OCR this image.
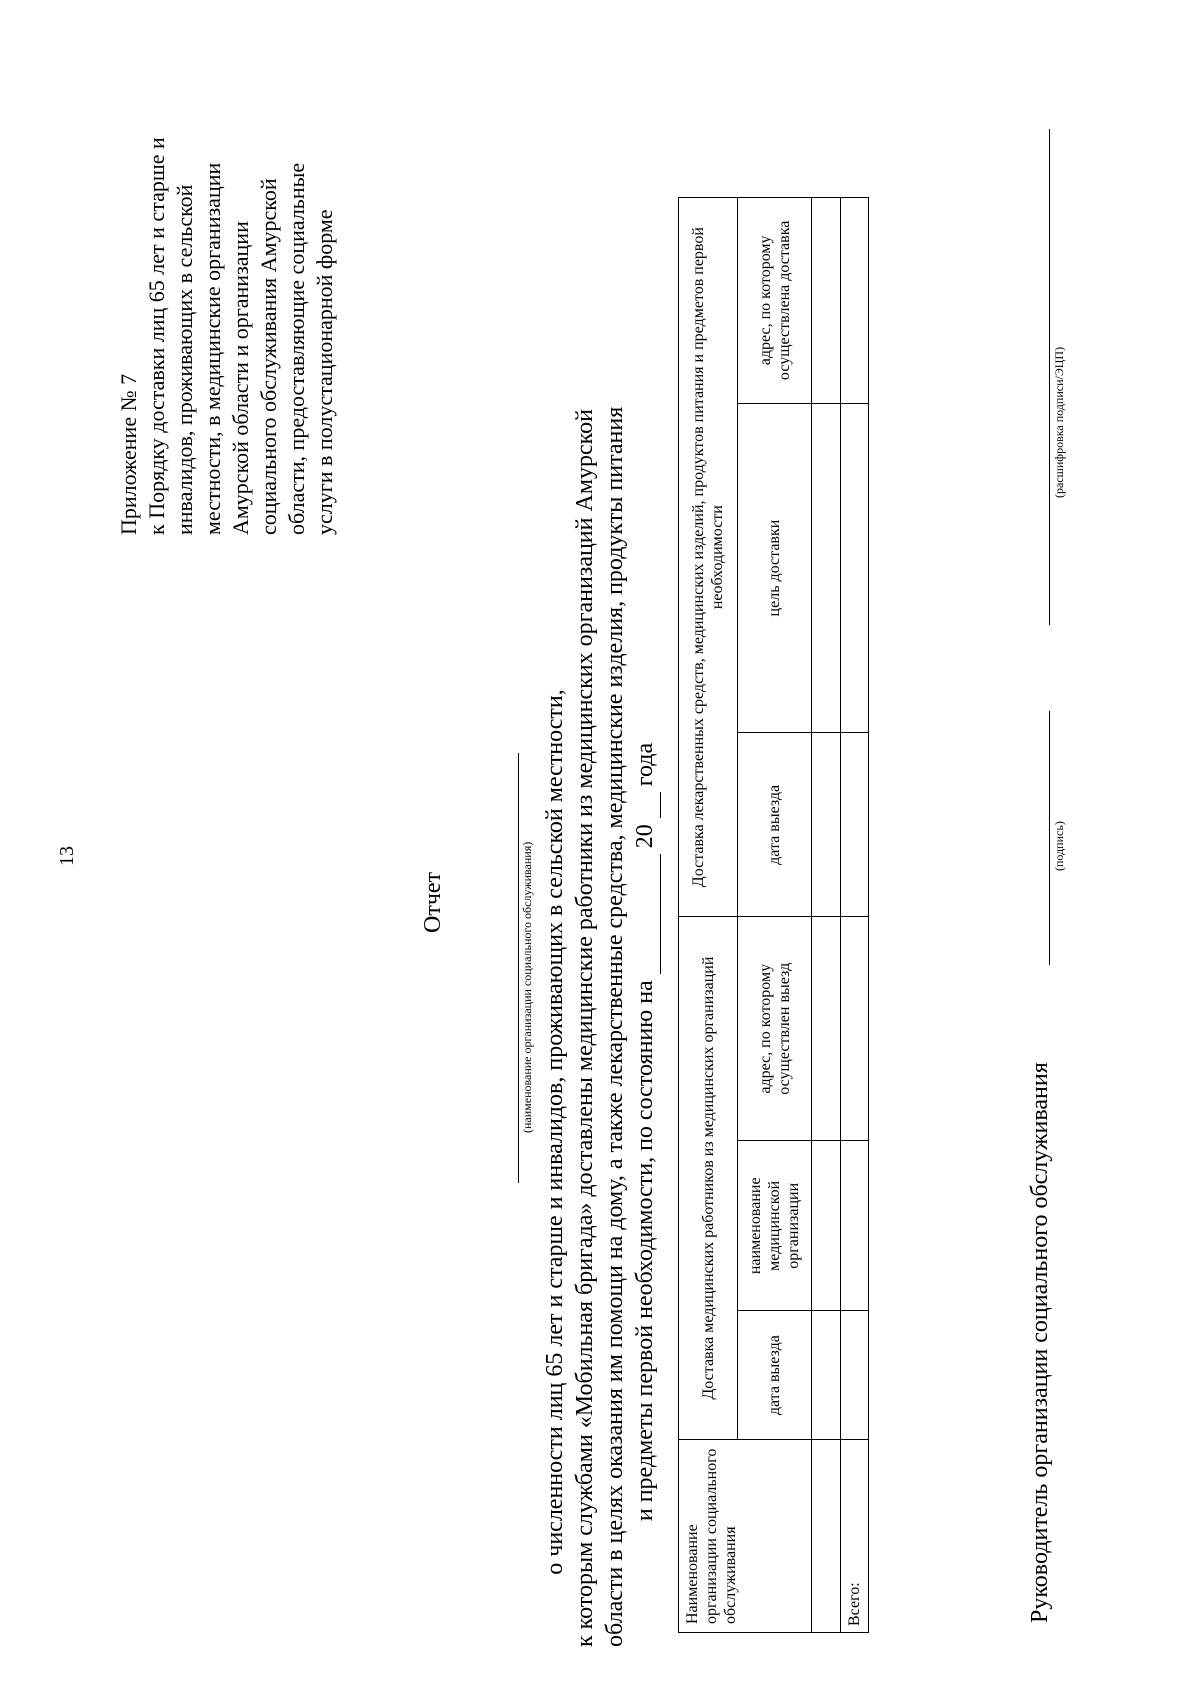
13
Приложение № 7 к Порядку доставки лиц 65 лет и старше и инвалидов, проживающих в сельской местности, в медицинские организации Амурской области и организации социального обслуживания Амурской области, предоставляющие социальные услуги в полустационарной форме
Отчет	(наименование организации социального обслуживания) о численности лиц 65 лет и старше и инвалидов, проживающих в сельской местности, к которым службами «Мобильная бригада» доставлены медицинские работники из медицинских организаций Амурской области в целях оказания им помощи на дому, а также лекарственные средства, медицинские изделия, продукты питания и предметы первой необходимости, по состоянию на   20   года
Наименование организации социального обслуживания	Доставка медицинских работников из медицинских организаций			Доставка лекарственных средств, медицинских изделий, продуктов питания и предметов первой необходимости		
	дата выезда	наименование медицинской организации	адрес, по которому осуществлен выезд	дата выезда	цель доставки	адрес, по которому осуществлена доставка

Всего:							Руководитель организации социального обслуживания
(подпись)
(расшифровка подписи/ЭЦП)
